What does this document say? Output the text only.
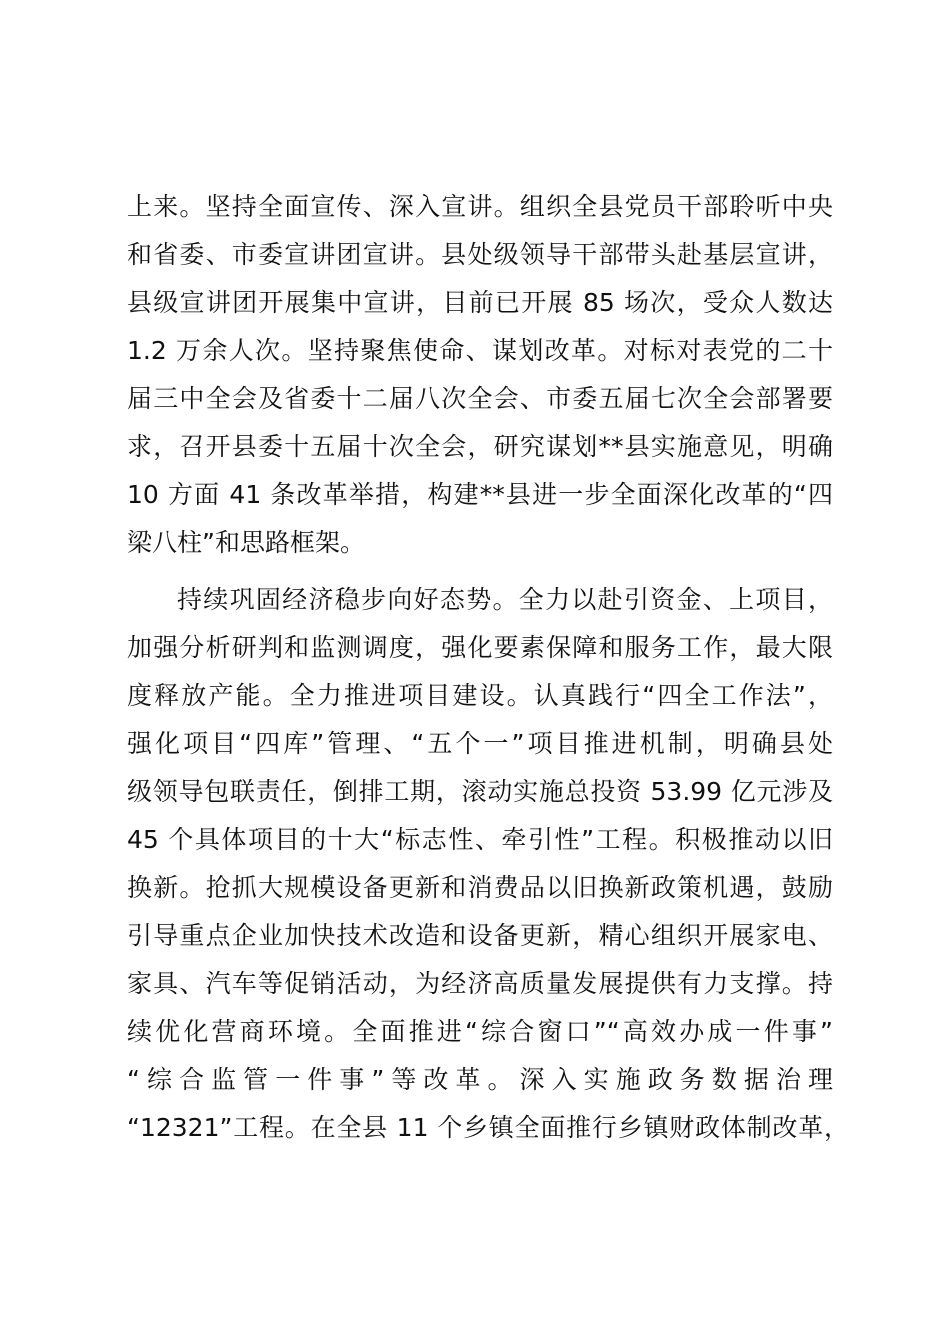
上来。坚持全面宣传、深入宣讲。组织全县党员干部聆听中央
和省委、市委宣讲团宣讲。县处级领导干部带头赴基层宣讲，
县级宣讲团开展集中宣讲，目前已开展 85 场次，受众人数达
1.2 万余人次。坚持聚焦使命、谋划改革。对标对表党的二十
届三中全会及省委十二届八次全会、市委五届七次全会部署要
求，召开县委十五届十次全会，研究谋划**县实施意见，明确
10 方面 41 条改革举措，构建**县进一步全面深化改革的“四
梁八柱”和思路框架。
持续巩固经济稳步向好态势。全力以赴引资金、上项目，
加强分析研判和监测调度，强化要素保障和服务工作，最大限
度释放产能。全力推进项目建设。认真践行“四全工作法”，
强化项目“四库”管理、“五个一”项目推进机制，明确县处
级领导包联责任，倒排工期，滚动实施总投资 53.99 亿元涉及
45 个具体项目的十大“标志性、牵引性”工程。积极推动以旧
换新。抢抓大规模设备更新和消费品以旧换新政策机遇，鼓励
引导重点企业加快技术改造和设备更新，精心组织开展家电、
家具、汽车等促销活动，为经济高质量发展提供有力支撑。持
续优化营商环境。全面推进“综合窗口”“高效办成一件事”
“综合监管一件事”等改革。深入实施政务数据治理
“12321”工程。在全县 11 个乡镇全面推行乡镇财政体制改革，
